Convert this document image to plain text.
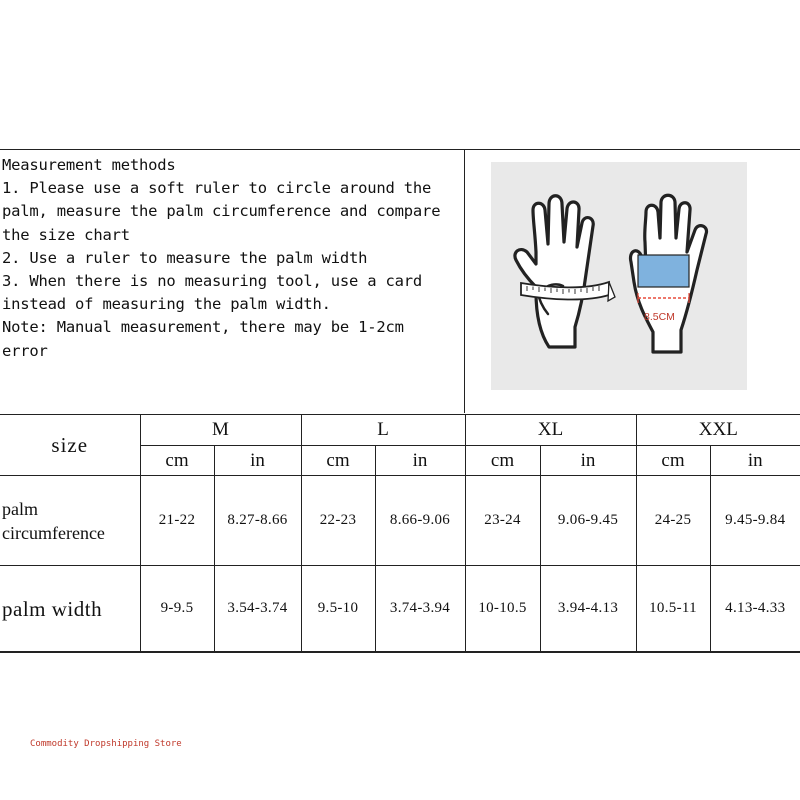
Measurement methods
1. Please use a soft ruler to circle around the
palm, measure the palm circumference and compare
the size chart
2. Use a ruler to measure the palm width
3. When there is no measuring tool, use a card
instead of measuring the palm width.
Note: Manual measurement, there may be 1-2cm
error
8.5CM
size	M		L		XL		XXL	
	cm	in	cm	in	cm	in	cm	in

palm
circumference	21-22	8.27-8.66	22-23	8.66-9.06	23-24	9.06-9.45	24-25	9.45-9.84
palm width	9-9.5	3.54-3.74	9.5-10	3.74-3.94	10-10.5	3.94-4.13	10.5-11	4.13-4.33
Commodity Dropshipping Store
